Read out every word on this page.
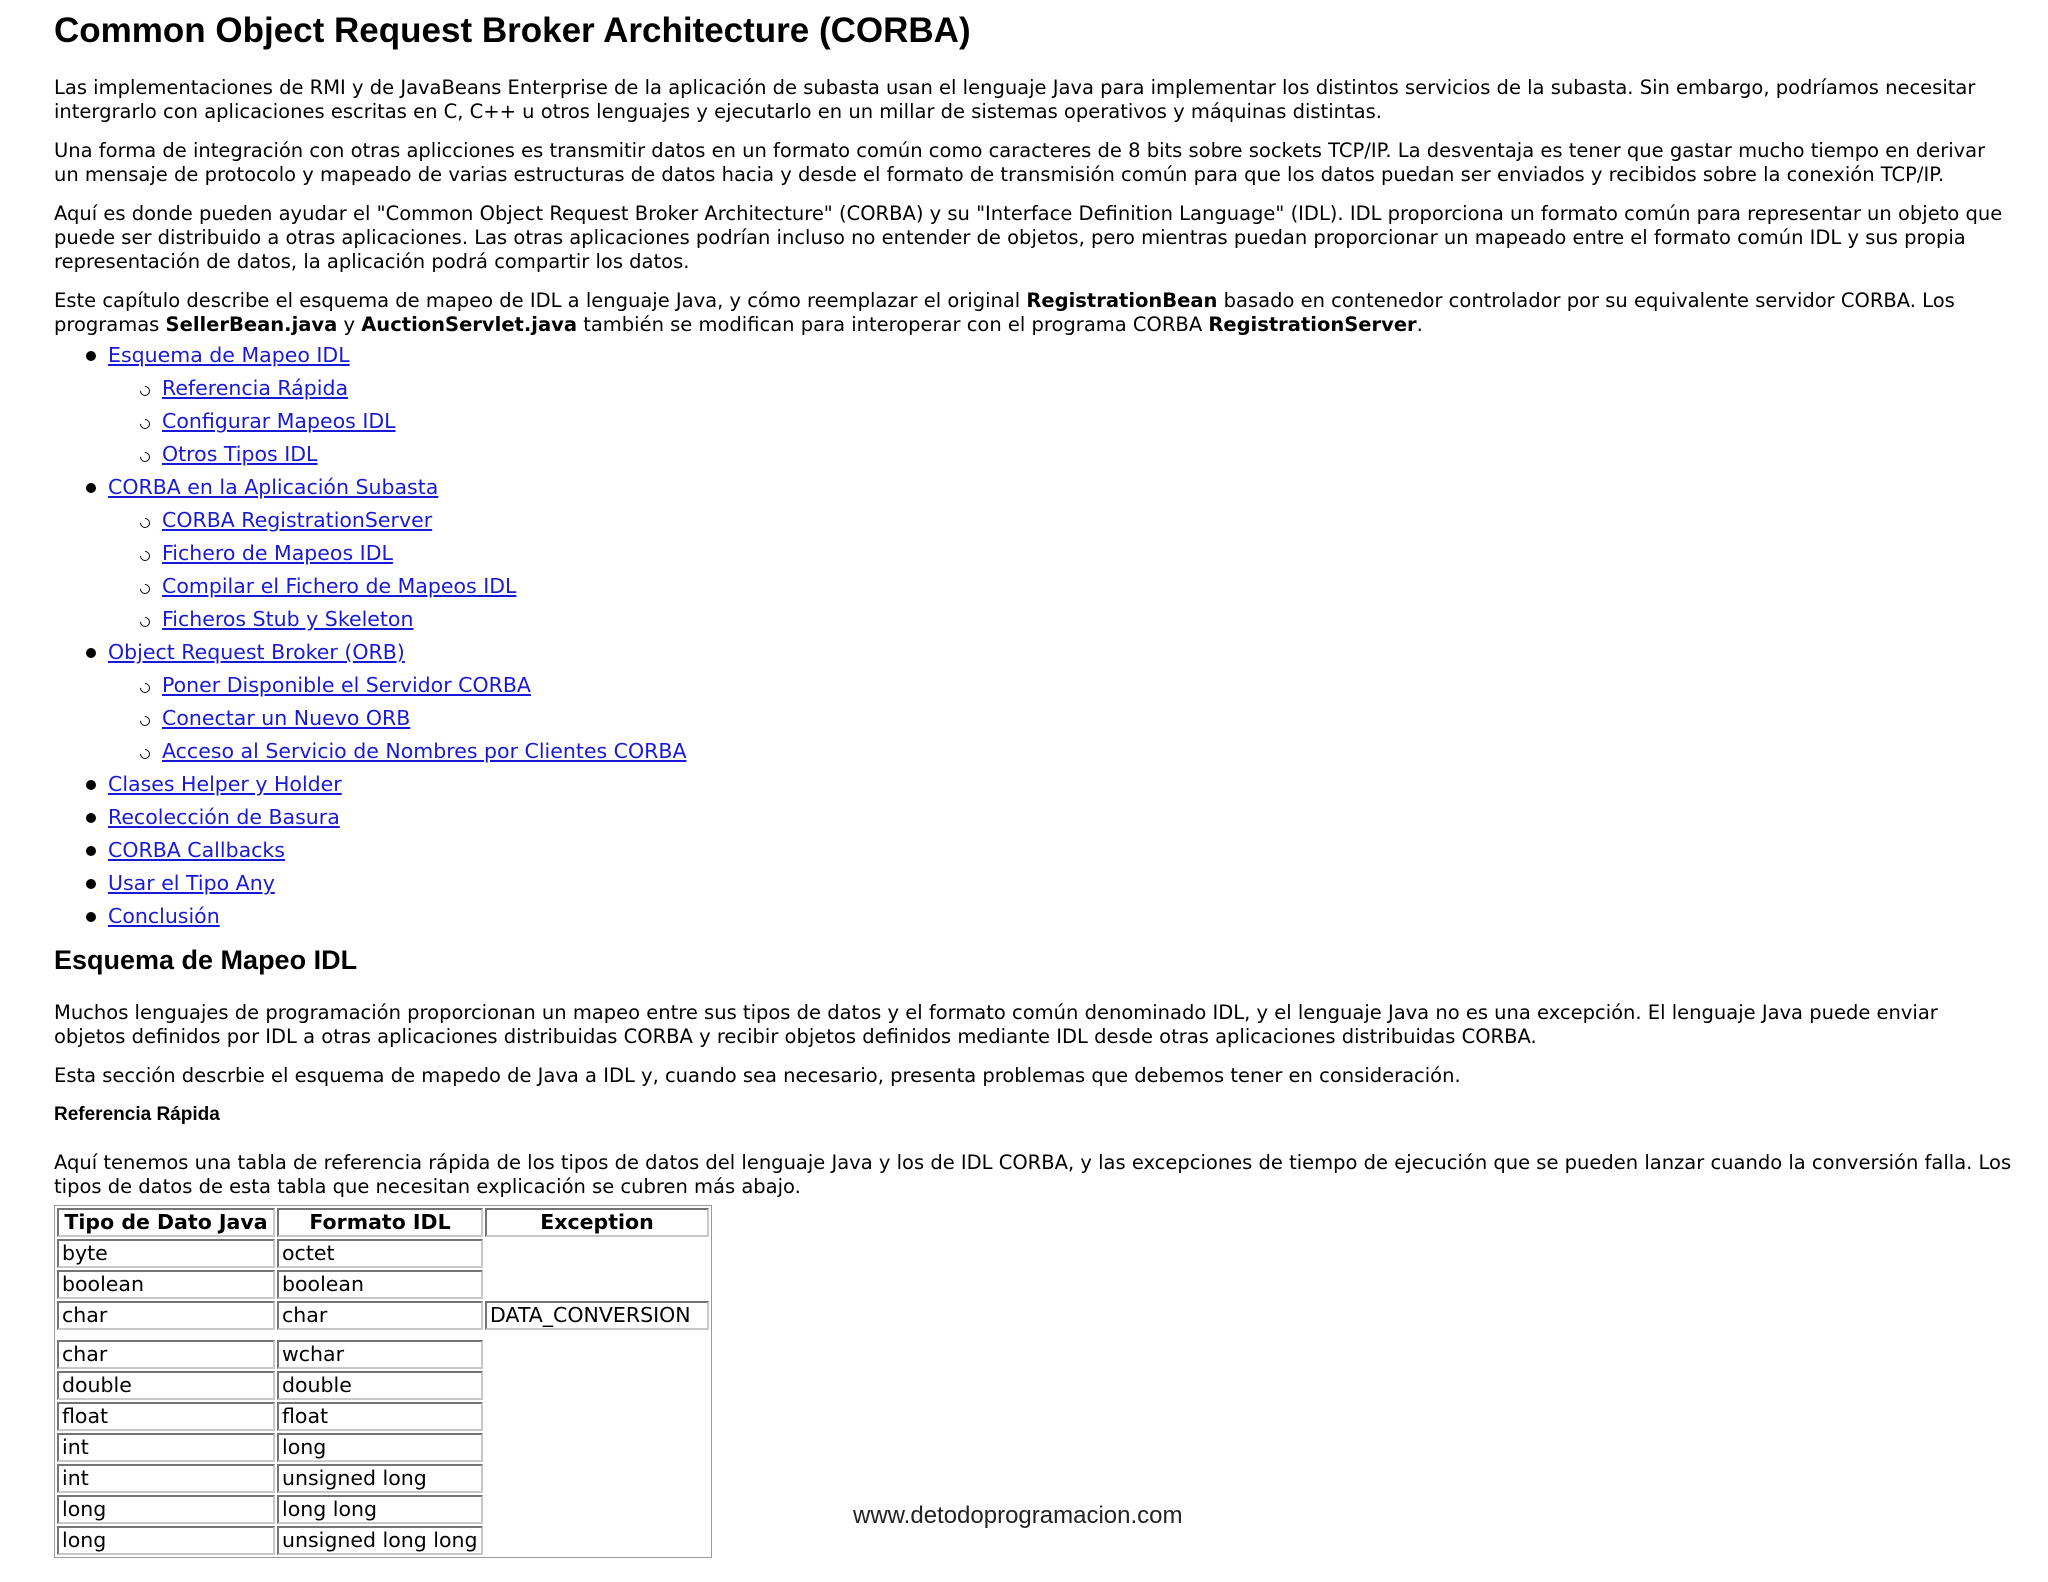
Common Object Request Broker Architecture (CORBA)

Las implementaciones de RMI y de JavaBeans Enterprise de la aplicación de subasta usan el lenguaje Java para implementar los distintos servicios de la subasta. Sin embargo, podríamos necesitar intergrarlo con aplicaciones escritas en C, C++ u otros lenguajes y ejecutarlo en un millar de sistemas operativos y máquinas distintas.

Una forma de integración con otras aplicciones es transmitir datos en un formato común como caracteres de 8 bits sobre sockets TCP/IP. La desventaja es tener que gastar mucho tiempo en derivar un mensaje de protocolo y mapeado de varias estructuras de datos hacia y desde el formato de transmisión común para que los datos puedan ser enviados y recibidos sobre la conexión TCP/IP.

Aquí es donde pueden ayudar el "Common Object Request Broker Architecture" (CORBA) y su "Interface Definition Language" (IDL). IDL proporciona un formato común para representar un objeto que puede ser distribuido a otras aplicaciones. Las otras aplicaciones podrían incluso no entender de objetos, pero mientras puedan proporcionar un mapeado entre el formato común IDL y sus propia representación de datos, la aplicación podrá compartir los datos.

Este capítulo describe el esquema de mapeo de IDL a lenguaje Java, y cómo reemplazar el original RegistrationBean basado en contenedor controlador por su equivalente servidor CORBA. Los programas SellerBean.java y AuctionServlet.java también se modifican para interoperar con el programa CORBA RegistrationServer.

Esquema de Mapeo IDL
Referencia Rápida
Configurar Mapeos IDL
Otros Tipos IDL
CORBA en la Aplicación Subasta
CORBA RegistrationServer
Fichero de Mapeos IDL
Compilar el Fichero de Mapeos IDL
Ficheros Stub y Skeleton
Object Request Broker (ORB)
Poner Disponible el Servidor CORBA
Conectar un Nuevo ORB
Acceso al Servicio de Nombres por Clientes CORBA
Clases Helper y Holder
Recolección de Basura
CORBA Callbacks
Usar el Tipo Any
Conclusión
Esquema de Mapeo IDL

Muchos lenguajes de programación proporcionan un mapeo entre sus tipos de datos y el formato común denominado IDL, y el lenguaje Java no es una excepción. El lenguaje Java puede enviar objetos definidos por IDL a otras aplicaciones distribuidas CORBA y recibir objetos definidos mediante IDL desde otras aplicaciones distribuidas CORBA.

Esta sección descrbie el esquema de mapedo de Java a IDL y, cuando sea necesario, presenta problemas que debemos tener en consideración.

Referencia Rápida

Aquí tenemos una tabla de referencia rápida de los tipos de datos del lenguaje Java y los de IDL CORBA, y las excepciones de tiempo de ejecución que se pueden lanzar cuando la conversión falla. Los tipos de datos de esta tabla que necesitan explicación se cubren más abajo.

Tipo de Dato Java	Formato IDL	Exception
byte	octet	
boolean	boolean	
char	char	DATA_CONVERSION

char	wchar	
double	double	
float	float	
int	long	
int	unsigned long	
long	long long	
long	unsigned long long	
www.detodoprogramacion.com
